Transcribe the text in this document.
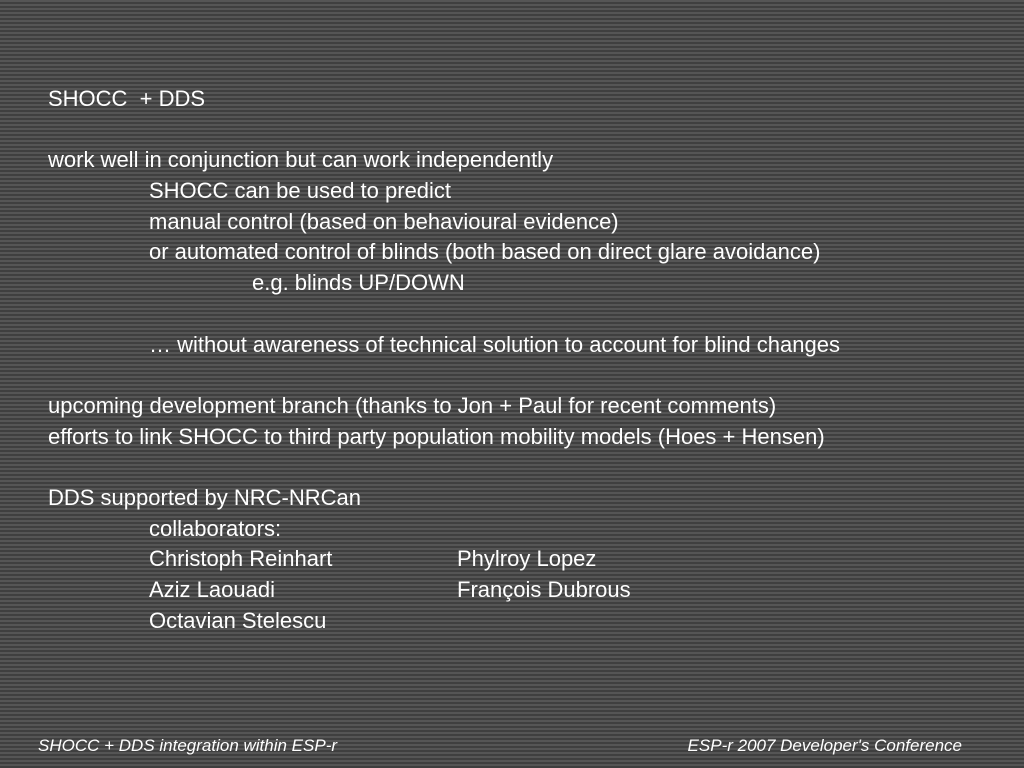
SHOCC  + DDS
work well in conjunction but can work independently
SHOCC can be used to predict
manual control (based on behavioural evidence)
or automated control of blinds (both based on direct glare avoidance)
e.g. blinds UP/DOWN
… without awareness of technical solution to account for blind changes
upcoming development branch (thanks to Jon + Paul for recent comments)
efforts to link SHOCC to third party population mobility models (Hoes + Hensen)
DDS supported by NRC-NRCan
collaborators:
Christoph Reinhart	Phylroy Lopez
Aziz Laouadi	François Dubrous
Octavian Stelescu
SHOCC + DDS integration within ESP-r	ESP-r 2007 Developer's Conference
